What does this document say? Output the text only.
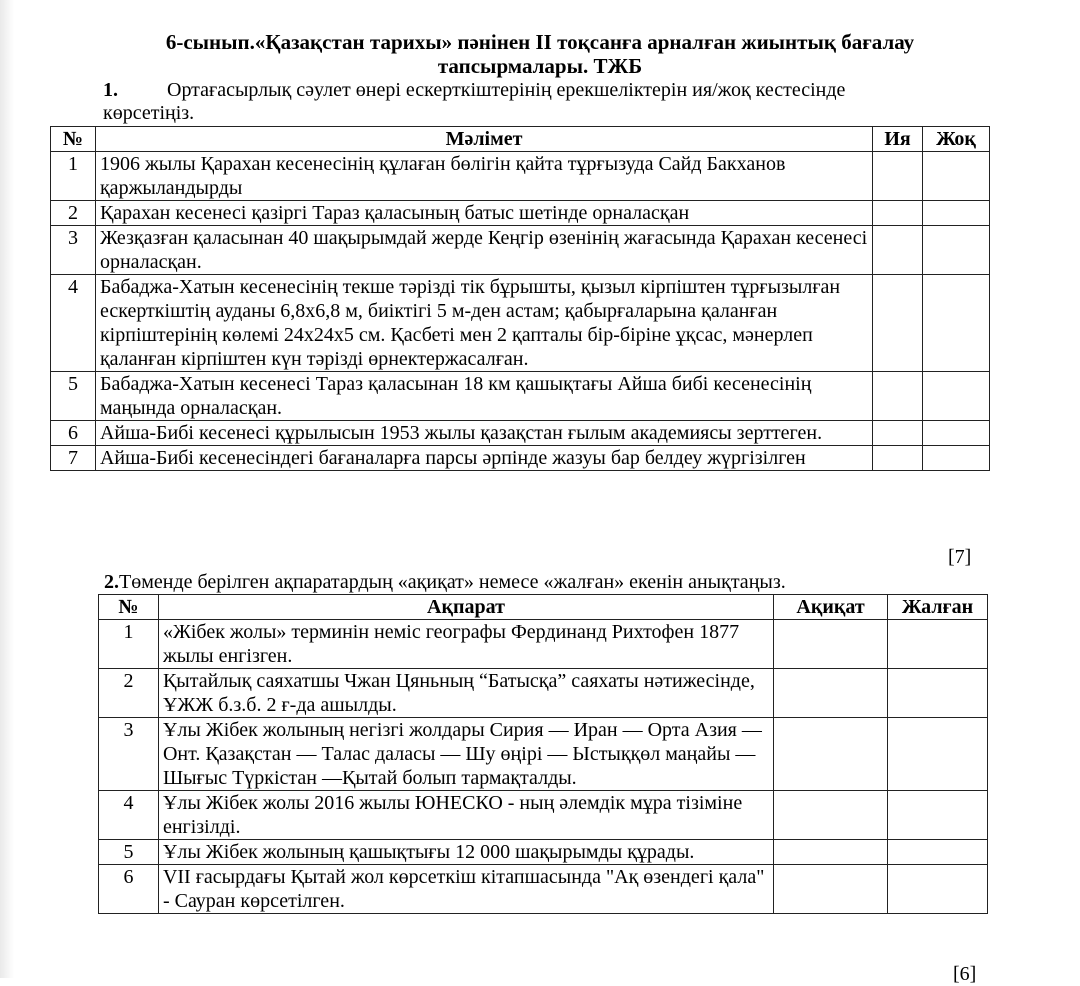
6-сынып.«Қазақстан тарихы» пәнінен II тоқсанға арналған жиынтық бағалау
тапсырмалары. ТЖБ
1. Ортағасырлық сәулет өнері ескерткіштерінің ерекшеліктерін ия/жоқ кестесінде көрсетіңіз.
№	Мәлімет	Ия	Жоқ
1	1906 жылы Қарахан кесенесінің құлаған бөлігін қайта тұрғызуда Сайд Бакханов қаржыландырды		
2	Қарахан кесенесі қазіргі Тараз қаласының батыс шетінде орналасқан		
3	Жезқазған қаласынан 40 шақырымдай жерде Кеңгір өзенінің жағасында Қарахан кесенесі орналасқан.		
4	Бабаджа-Хатын кесенесінің текше тәрізді тік бұрышты, қызыл кірпіштен тұрғызылған ескерткіштің ауданы 6,8х6,8 м, биіктігі 5 м-ден астам; қабырғаларына қаланған кірпіштерінің көлемі 24х24х5 см. Қасбеті мен 2 қапталы бір-біріне ұқсас, мәнерлеп қаланған кірпіштен күн тәрізді өрнектержасалған.		
5	Бабаджа-Хатын кесенесі Тараз қаласынан 18 км қашықтағы Айша бибі кесенесінің маңында орналасқан.		
6	Айша-Бибі кесенесі құрылысын 1953 жылы қазақстан ғылым академиясы зерттеген.		
7	Айша-Бибі кесенесіндегі бағаналарға парсы әрпінде жазуы бар белдеу жүргізілген		
[7]
2.Төменде берілген ақпаратардың «ақиқат» немесе «жалған» екенін анықтаңыз.
№	Ақпарат	Ақиқат	Жалған
1	«Жібек жолы» терминін неміс географы Фердинанд Рихтофен 1877 жылы енгізген.		
2	Қытайлық саяхатшы Чжан Цяньның “Батысқа” саяхаты нәтижесінде, ҰЖЖ б.з.б. 2 ғ-да ашылды.		
3	Ұлы Жібек жолының негізгі жолдары Сирия — Иран — Орта Азия — Онт. Қазақстан — Талас даласы — Шу өңірі — Ыстыққөл маңайы — Шығыс Түркістан —Қытай болып тармақталды.		
4	Ұлы Жібек жолы 2016 жылы ЮНЕСКО - ның әлемдік мұра тізіміне енгізілді.		
5	Ұлы Жібек жолының қашықтығы 12 000 шақырымды құрады.		
6	VII ғасырдағы Қытай жол көрсеткіш кітапшасында "Ақ өзендегі қала" - Сауран көрсетілген.		
[6]
